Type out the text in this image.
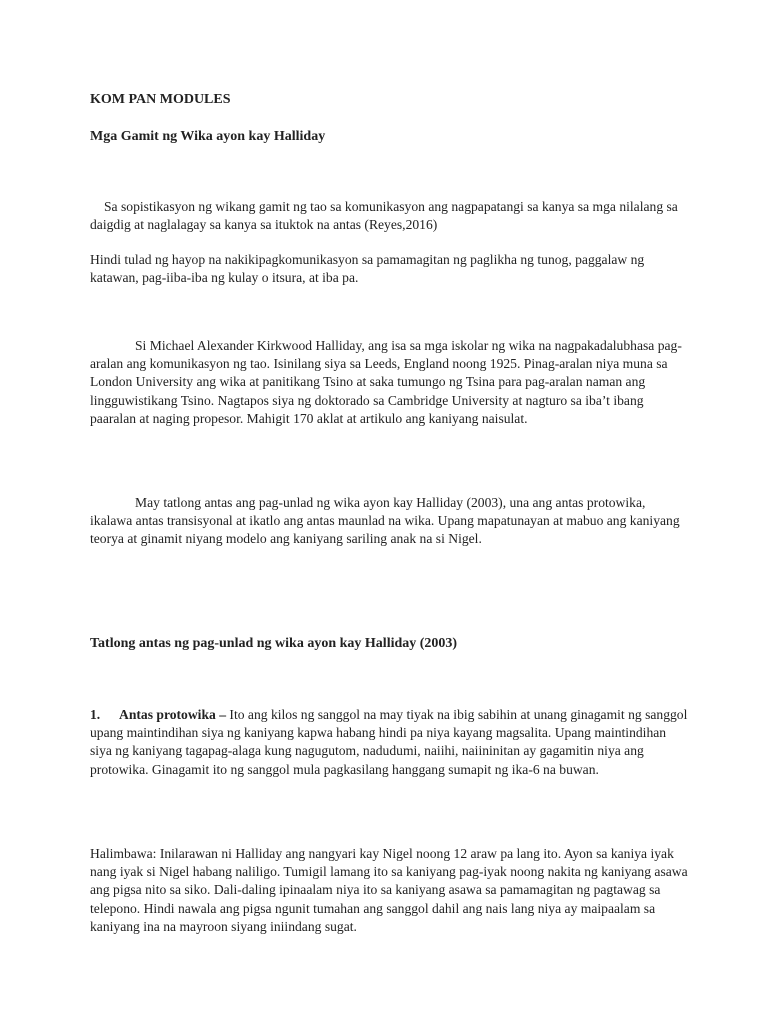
KOM PAN MODULES
Mga Gamit ng Wika ayon kay Halliday

Sa sopistikasyon ng wikang gamit ng tao sa komunikasyon ang nagpapatangi sa kanya sa mga nilalang sa daigdig at naglalagay sa kanya sa ituktok na antas (Reyes,2016)

Hindi tulad ng hayop na nakikipagkomunikasyon sa pamamagitan ng paglikha ng tunog, paggalaw ng katawan, pag-iiba-iba ng kulay o itsura, at iba pa.

Si Michael Alexander Kirkwood Halliday, ang isa sa mga iskolar ng wika na nagpakadalubhasa pag-aralan ang komunikasyon ng tao. Isinilang siya sa Leeds, England noong 1925. Pinag-aralan niya muna sa London University ang wika at panitikang Tsino at saka tumungo ng Tsina para pag-aralan naman ang lingguwistikang Tsino. Nagtapos siya ng doktorado sa Cambridge University at nagturo sa iba’t ibang paaralan at naging propesor. Mahigit 170 aklat at artikulo ang kaniyang naisulat.

May tatlong antas ang pag-unlad ng wika ayon kay Halliday (2003), una ang antas protowika, ikalawa antas transisyonal at ikatlo ang antas maunlad na wika. Upang mapatunayan at mabuo ang kaniyang teorya at ginamit niyang modelo ang kaniyang sariling anak na si Nigel.

Tatlong antas ng pag-unlad ng wika ayon kay Halliday (2003)

1. Antas protowika – Ito ang kilos ng sanggol na may tiyak na ibig sabihin at unang ginagamit ng sanggol upang maintindihan siya ng kaniyang kapwa habang hindi pa niya kayang magsalita. Upang maintindihan siya ng kaniyang tagapag-alaga kung nagugutom, nadudumi, naiihi, naiininitan ay gagamitin niya ang protowika. Ginagamit ito ng sanggol mula pagkasilang hanggang sumapit ng ika-6 na buwan.

Halimbawa: Inilarawan ni Halliday ang nangyari kay Nigel noong 12 araw pa lang ito. Ayon sa kaniya iyak nang iyak si Nigel habang naliligo. Tumigil lamang ito sa kaniyang pag-iyak noong nakita ng kaniyang asawa ang pigsa nito sa siko. Dali-daling ipinaalam niya ito sa kaniyang asawa sa pamamagitan ng pagtawag sa telepono. Hindi nawala ang pigsa ngunit tumahan ang sanggol dahil ang nais lang niya ay maipaalam sa kaniyang ina na mayroon siyang iniindang sugat.
